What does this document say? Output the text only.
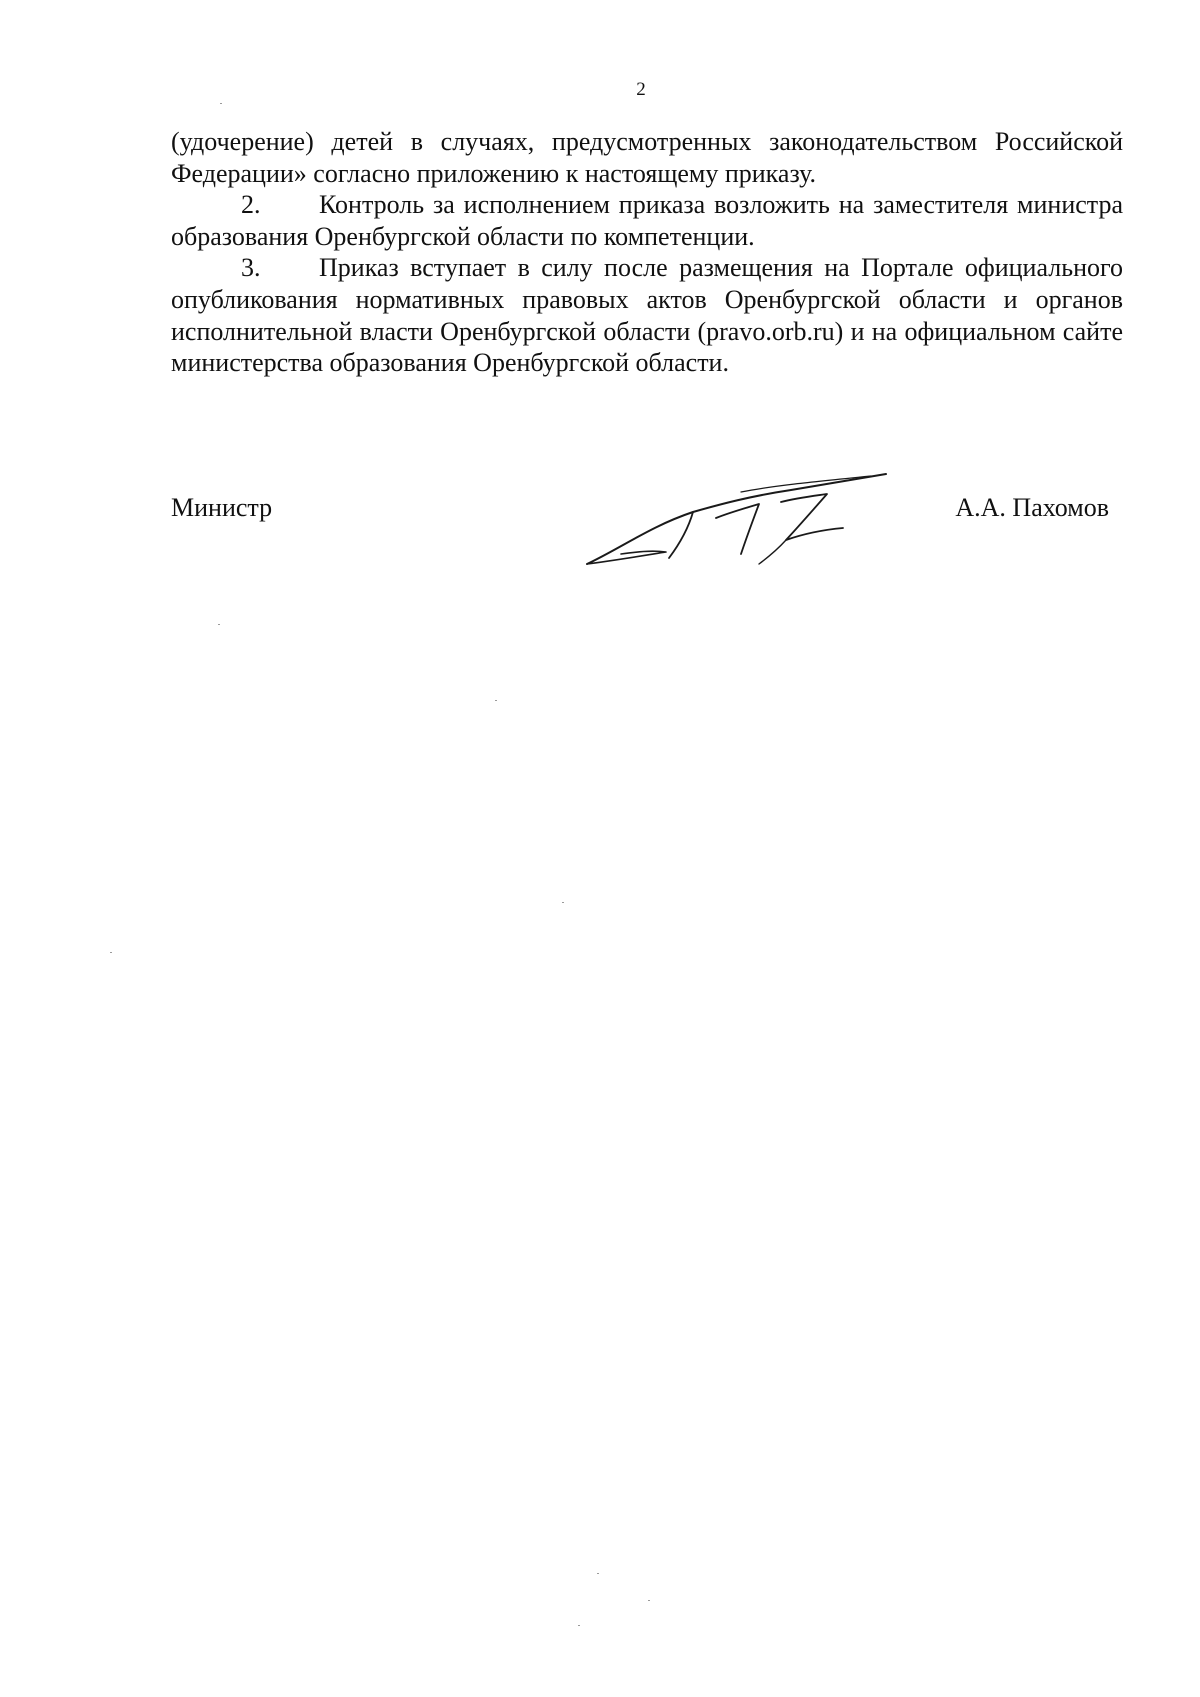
2

(удочерение) детей в случаях, предусмотренных законодательством Российской Федерации» согласно приложению к настоящему приказу.

2. Контроль за исполнением приказа возложить на заместителя министра образования Оренбургской области по компетенции.

3. Приказ вступает в силу после размещения на Портале официального опубликования нормативных правовых актов Оренбургской области и органов исполнительной власти Оренбургской области (pravo.orb.ru) и на официальном сайте министерства образования Оренбургской области.

Министр	А.А. Пахомов
